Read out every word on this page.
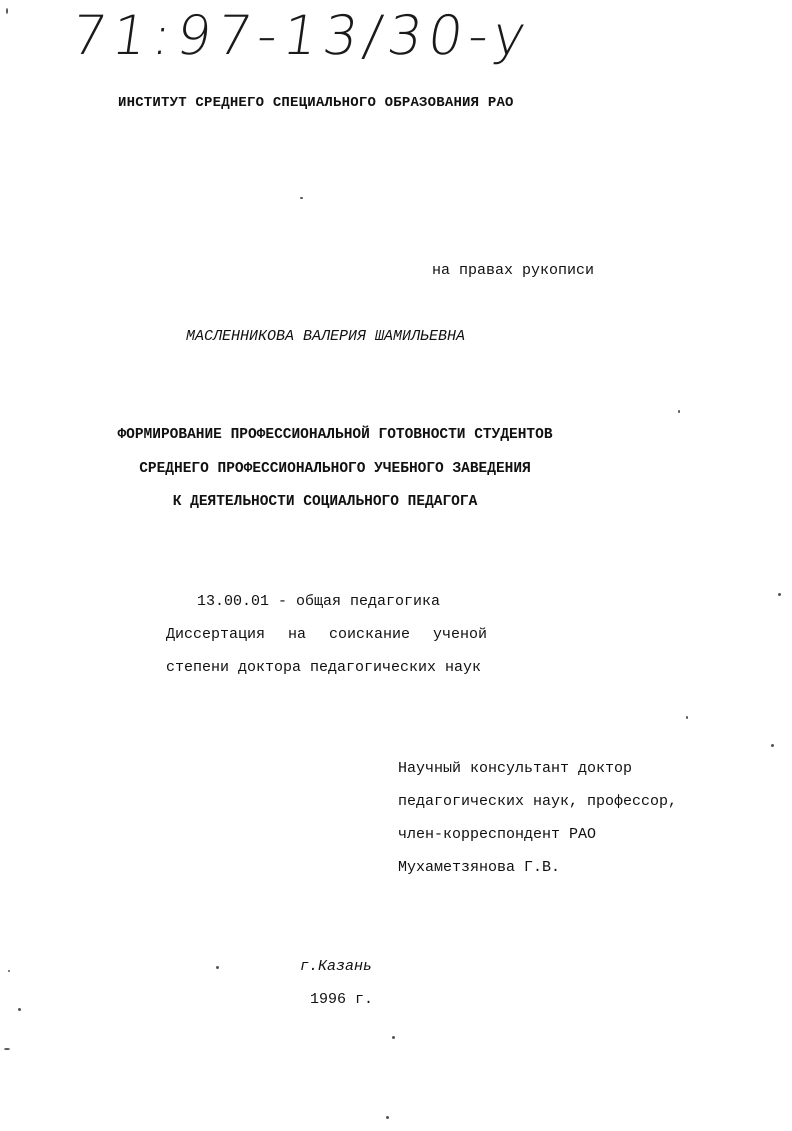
71:97-13/30-y
ИНСТИТУТ СРЕДНЕГО СПЕЦИАЛЬНОГО ОБРАЗОВАНИЯ РАО
на правах рукописи
МАСЛЕННИКОВА ВАЛЕРИЯ ШАМИЛЬЕВНА
ФОРМИРОВАНИЕ ПРОФЕССИОНАЛЬНОЙ ГОТОВНОСТИ СТУДЕНТОВ
СРЕДНЕГО ПРОФЕССИОНАЛЬНОГО УЧЕБНОГО ЗАВЕДЕНИЯ
К ДЕЯТЕЛЬНОСТИ СОЦИАЛЬНОГО ПЕДАГОГА
13.00.01 - общая педагогика
Диссертация на соискание ученой
степени доктора педагогических наук
Научный консультант доктор
педагогических наук, профессор,
член-корреспондент РАО
Мухаметзянова Г.В.
г.Казань
1996 г.
